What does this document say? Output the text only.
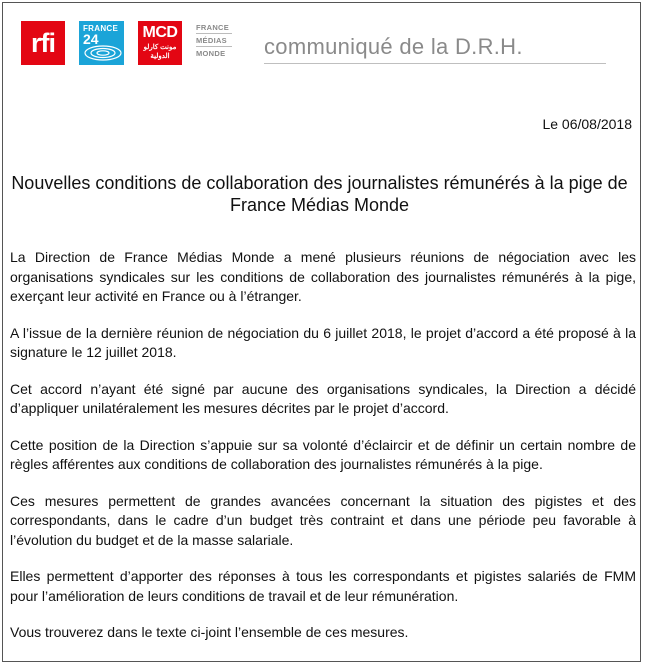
rfi	FRANCE
24	MCD
مونت كارلو
الدولية
FRANCE
MÉDIAS
MONDE	communiqué de la D.R.H.
Le 06/08/2018
Nouvelles conditions de collaboration des journalistes rémunérés à la pige de France Médias Monde

La Direction de France Médias Monde a mené plusieurs réunions de négociation avec les organisations syndicales sur les conditions de collaboration des journalistes rémunérés à la pige, exerçant leur activité en France ou à l’étranger.

A l’issue de la dernière réunion de négociation du 6 juillet 2018, le projet d’accord a été proposé à la signature le 12 juillet 2018.

Cet accord n’ayant été signé par aucune des organisations syndicales, la Direction a décidé d’appliquer unilatéralement les mesures décrites par le projet d’accord.

Cette position de la Direction s’appuie sur sa volonté d’éclaircir et de définir un certain nombre de règles afférentes aux conditions de collaboration des journalistes rémunérés à la pige.

Ces mesures permettent de grandes avancées concernant la situation des pigistes et des correspondants, dans le cadre d’un budget très contraint et dans une période peu favorable à l’évolution du budget et de la masse salariale.

Elles permettent d’apporter des réponses à tous les correspondants et pigistes salariés de FMM pour l’amélioration de leurs conditions de travail et de leur rémunération.

Vous trouverez dans le texte ci-joint l’ensemble de ces mesures.
